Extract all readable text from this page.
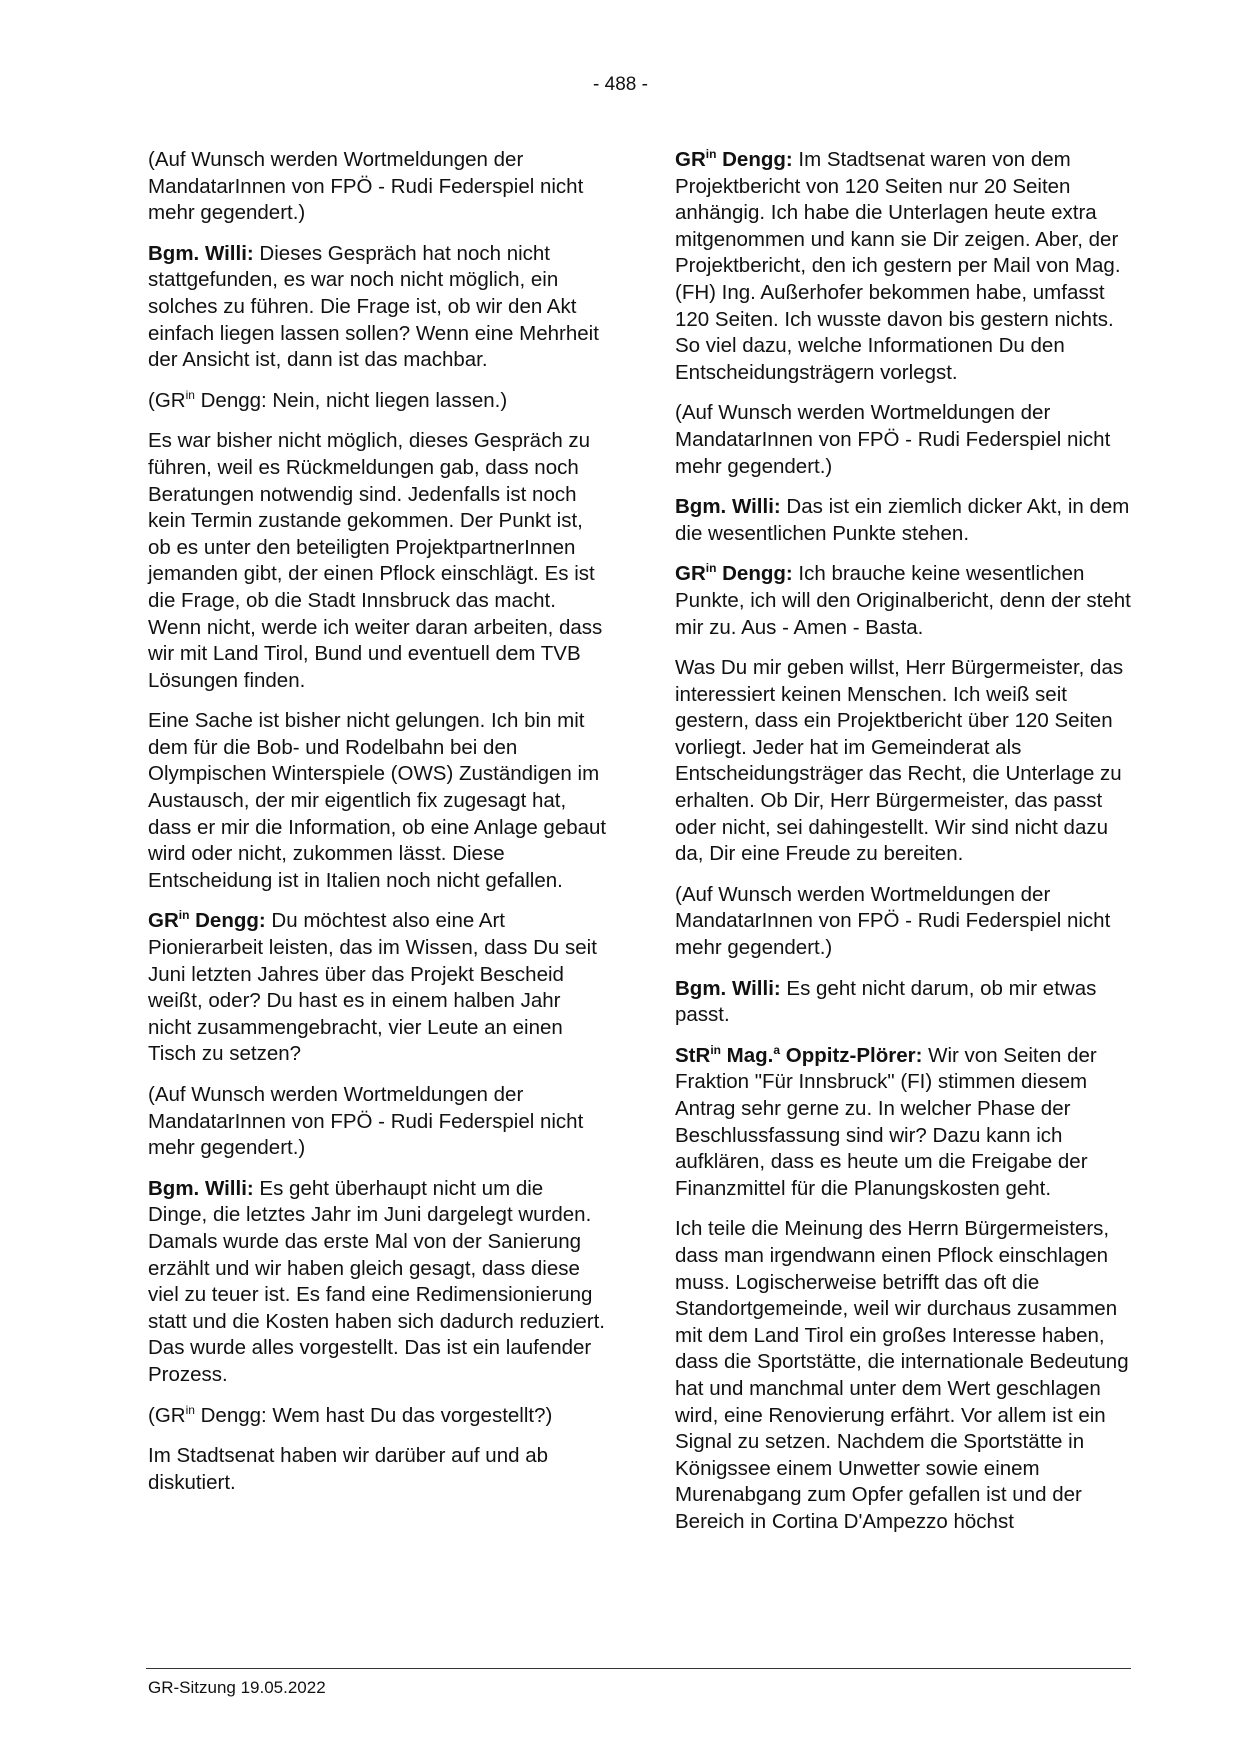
- 488 -

(Auf Wunsch werden Wortmeldungen der MandatarInnen von FPÖ - Rudi Federspiel nicht mehr gegendert.)

Bgm. Willi: Dieses Gespräch hat noch nicht stattgefunden, es war noch nicht möglich, ein solches zu führen. Die Frage ist, ob wir den Akt einfach liegen lassen sollen? Wenn eine Mehrheit der Ansicht ist, dann ist das machbar.

($GR^{in}$ Dengg: Nein, nicht liegen lassen.)

Es war bisher nicht möglich, dieses Gespräch zu führen, weil es Rückmeldungen gab, dass noch Beratungen notwendig sind. Jedenfalls ist noch kein Termin zustande gekommen. Der Punkt ist, ob es unter den beteiligten ProjektpartnerInnen jemanden gibt, der einen Pflock einschlägt. Es ist die Frage, ob die Stadt Innsbruck das macht. Wenn nicht, werde ich weiter daran arbeiten, dass wir mit Land Tirol, Bund und eventuell dem TVB Lösungen finden.

Eine Sache ist bisher nicht gelungen. Ich bin mit dem für die Bob- und Rodelbahn bei den Olympischen Winterspiele (OWS) Zuständigen im Austausch, der mir eigentlich fix zugesagt hat, dass er mir die Information, ob eine Anlage gebaut wird oder nicht, zukommen lässt. Diese Entscheidung ist in Italien noch nicht gefallen.

$GR^{in}$ Dengg: Du möchtest also eine Art Pionierarbeit leisten, das im Wissen, dass Du seit Juni letzten Jahres über das Projekt Bescheid weißt, oder? Du hast es in einem halben Jahr nicht zusammengebracht, vier Leute an einen Tisch zu setzen?

(Auf Wunsch werden Wortmeldungen der MandatarInnen von FPÖ - Rudi Federspiel nicht mehr gegendert.)

Bgm. Willi: Es geht überhaupt nicht um die Dinge, die letztes Jahr im Juni dargelegt wurden. Damals wurde das erste Mal von der Sanierung erzählt und wir haben gleich gesagt, dass diese viel zu teuer ist. Es fand eine Redimensionierung statt und die Kosten haben sich dadurch reduziert. Das wurde alles vorgestellt. Das ist ein laufender Prozess.

($GR^{in}$ Dengg: Wem hast Du das vorgestellt?)

Im Stadtsenat haben wir darüber auf und ab diskutiert.

$GR^{in}$ Dengg: Im Stadtsenat waren von dem Projektbericht von 120 Seiten nur 20 Seiten anhängig. Ich habe die Unterlagen heute extra mitgenommen und kann sie Dir zeigen. Aber, der Projektbericht, den ich gestern per Mail von Mag. (FH) Ing. Außerhofer bekommen habe, umfasst 120 Seiten. Ich wusste davon bis gestern nichts. So viel dazu, welche Informationen Du den Entscheidungsträgern vorlegst.

(Auf Wunsch werden Wortmeldungen der MandatarInnen von FPÖ - Rudi Federspiel nicht mehr gegendert.)

Bgm. Willi: Das ist ein ziemlich dicker Akt, in dem die wesentlichen Punkte stehen.

$GR^{in}$ Dengg: Ich brauche keine wesentlichen Punkte, ich will den Originalbericht, denn der steht mir zu. Aus - Amen - Basta.

Was Du mir geben willst, Herr Bürgermeister, das interessiert keinen Menschen. Ich weiß seit gestern, dass ein Projektbericht über 120 Seiten vorliegt. Jeder hat im Gemeinderat als Entscheidungsträger das Recht, die Unterlage zu erhalten. Ob Dir, Herr Bürgermeister, das passt oder nicht, sei dahingestellt. Wir sind nicht dazu da, Dir eine Freude zu bereiten.

(Auf Wunsch werden Wortmeldungen der MandatarInnen von FPÖ - Rudi Federspiel nicht mehr gegendert.)

Bgm. Willi: Es geht nicht darum, ob mir etwas passt.

StR$^{in}$ Mag.$^a$ Oppitz-Plörer: Wir von Seiten der Fraktion "Für Innsbruck" (FI) stimmen diesem Antrag sehr gerne zu. In welcher Phase der Beschlussfassung sind wir? Dazu kann ich aufklären, dass es heute um die Freigabe der Finanzmittel für die Planungskosten geht.

Ich teile die Meinung des Herrn Bürgermeisters, dass man irgendwann einen Pflock einschlagen muss. Logischerweise betrifft das oft die Standortgemeinde, weil wir durchaus zusammen mit dem Land Tirol ein großes Interesse haben, dass die Sportstätte, die internationale Bedeutung hat und manchmal unter dem Wert geschlagen wird, eine Renovierung erfährt. Vor allem ist ein Signal zu setzen. Nachdem die Sportstätte in Königssee einem Unwetter sowie einem Murenabgang zum Opfer gefallen ist und der Bereich in Cortina D'Ampezzo höchst

GR-Sitzung 19.05.2022
